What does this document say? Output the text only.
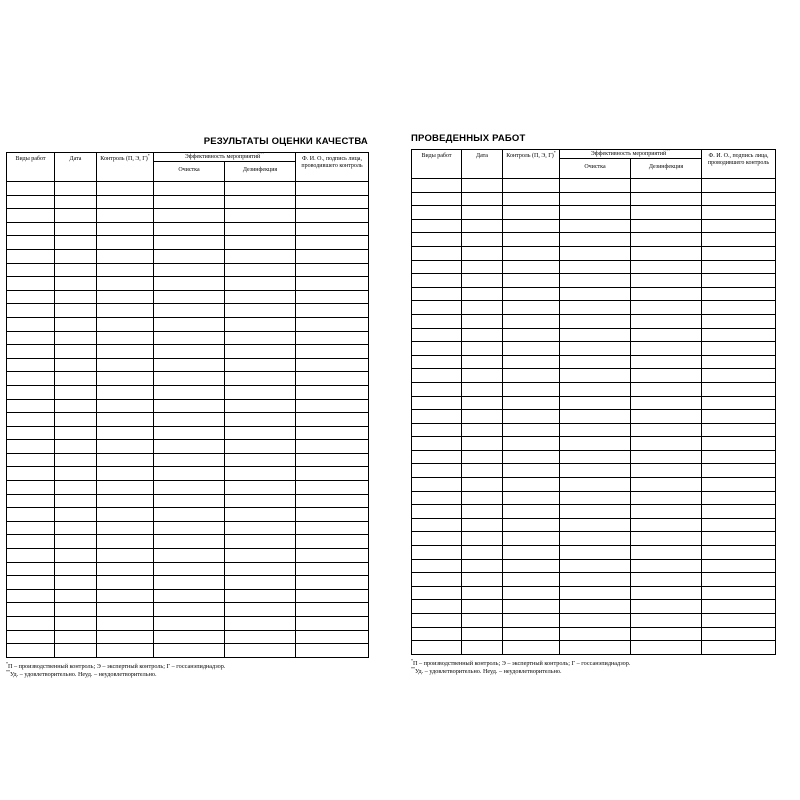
РЕЗУЛЬТАТЫ ОЦЕНКИ КАЧЕСТВА
Виды работ	Дата	Контроль (П, Э, Г)*	Эффективность мероприятий**		Ф. И. О., подпись лица, проводившего контроль
			Очистка	Дезинфекция	

*П – производственный контроль; Э – экспертный контроль; Г – госсанэпиднадзор.
**Уд. – удовлетворительно. Неуд. – неудовлетворительно.
ПРОВЕДЕННЫХ РАБОТ
Виды работ	Дата	Контроль (П, Э, Г)*	Эффективность мероприятий**		Ф. И. О., подпись лица, проводившего контроль
			Очистка	Дезинфекция	

*П – производственный контроль; Э – экспертный контроль; Г – госсанэпиднадзор.
**Уд. – удовлетворительно. Неуд. – неудовлетворительно.
